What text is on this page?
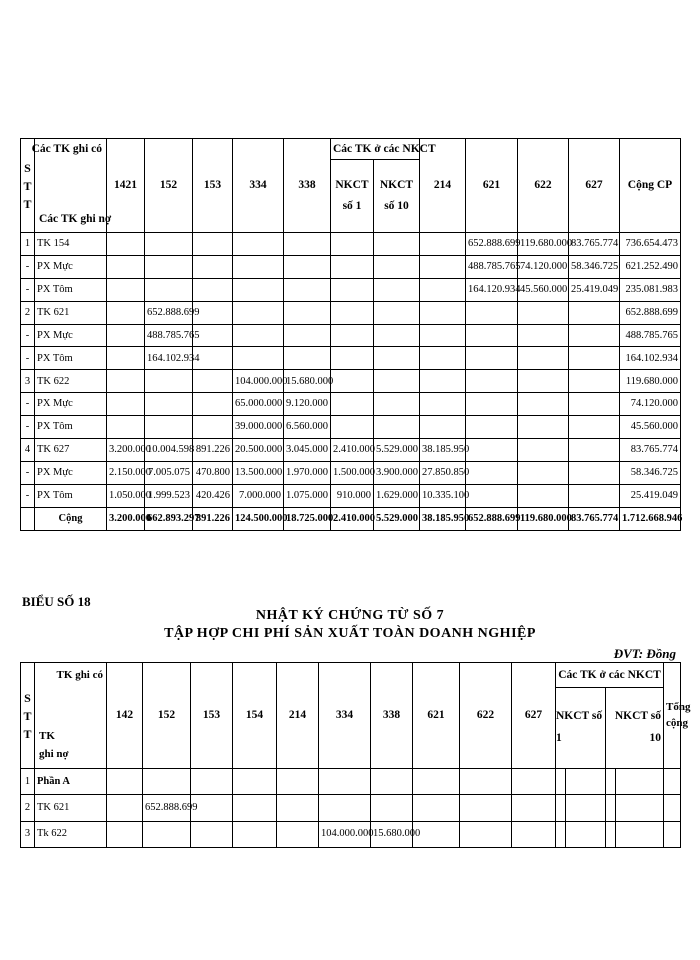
STT	Các TK ghi có
Các TK ghi nợ	1421	152	153	334	338	Các TK ở các NKCT		214	621	622	627	Cộng CP
							NKCT số 1	NKCT số 10					
1	TK 154									652.888.699	119.680.000	83.765.774	736.654.473
-	PX Mực									488.785.765	74.120.000	58.346.725	621.252.490
-	PX Tôm									164.120.934	45.560.000	25.419.049	235.081.983
2	TK 621		652.888.699										652.888.699
-	PX Mực		488.785.765										488.785.765
-	PX Tôm		164.102.934										164.102.934
3	TK 622				104.000.000	15.680.000							119.680.000
-	PX Mực				65.000.000	9.120.000							74.120.000
-	PX Tôm				39.000.000	6.560.000							45.560.000
4	TK 627	3.200.000	10.004.598	891.226	20.500.000	3.045.000	2.410.000	5.529.000	38.185.950				83.765.774
-	PX Mực	2.150.000	7.005.075	470.800	13.500.000	1.970.000	1.500.000	3.900.000	27.850.850				58.346.725
-	PX Tôm	1.050.000	1.999.523	420.426	7.000.000	1.075.000	910.000	1.629.000	10.335.100				25.419.049
	Cộng	3.200.000	662.893.297	891.226	124.500.000	18.725.000	2.410.000	5.529.000	38.185.950	652.888.699	119.680.000	83.765.774	1.712.668.946
BIỂU SỐ 18
NHẬT KÝ CHỨNG TỪ SỐ 7
TẬP HỢP CHI PHÍ SẢN XUẤT TOÀN DOANH NGHIỆP
ĐVT: Đồng
STT	TK ghi có
TK ghi nợ	142	152	153	154	214	334	338	621	622	627	Các TK ở các NKCT				Tổng cộng
												NKCT số 1		NKCT số 10		
1	Phần A															
2	TK 621		652.888.699													
3	Tk 622						104.000.000	15.680.000								
